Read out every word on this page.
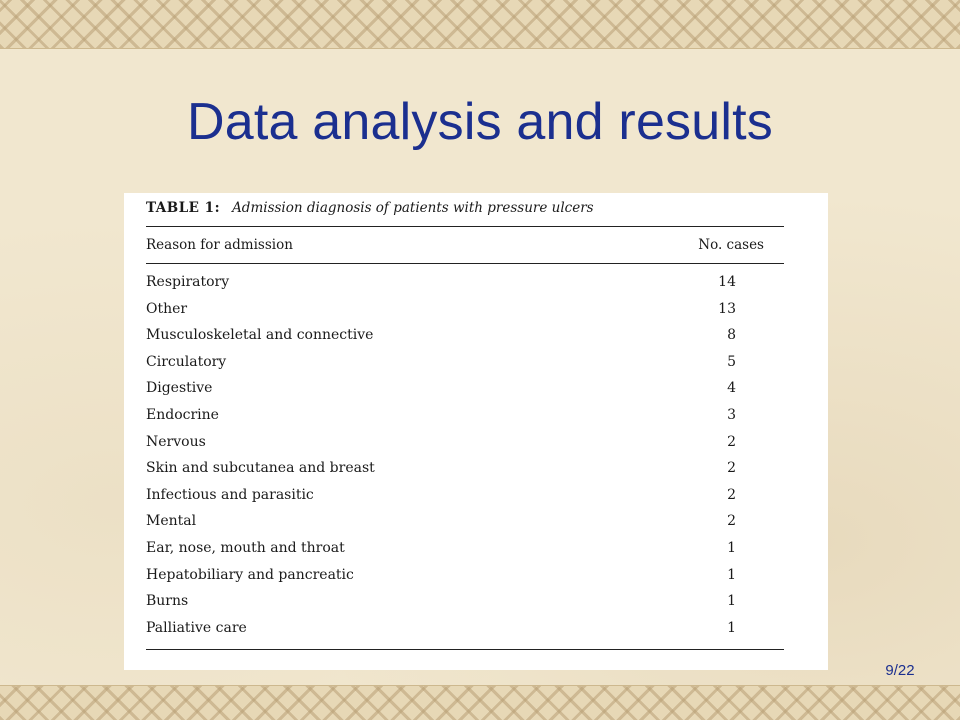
Data analysis and results
TABLE 1: Admission diagnosis of patients with pressure ulcers
Reason for admission	No. cases
Respiratory	14
Other	13
Musculoskeletal and connective	8
Circulatory	5
Digestive	4
Endocrine	3
Nervous	2
Skin and subcutanea and breast	2
Infectious and parasitic	2
Mental	2
Ear, nose, mouth and throat	1
Hepatobiliary and pancreatic	1
Burns	1
Palliative care	1
9/22
